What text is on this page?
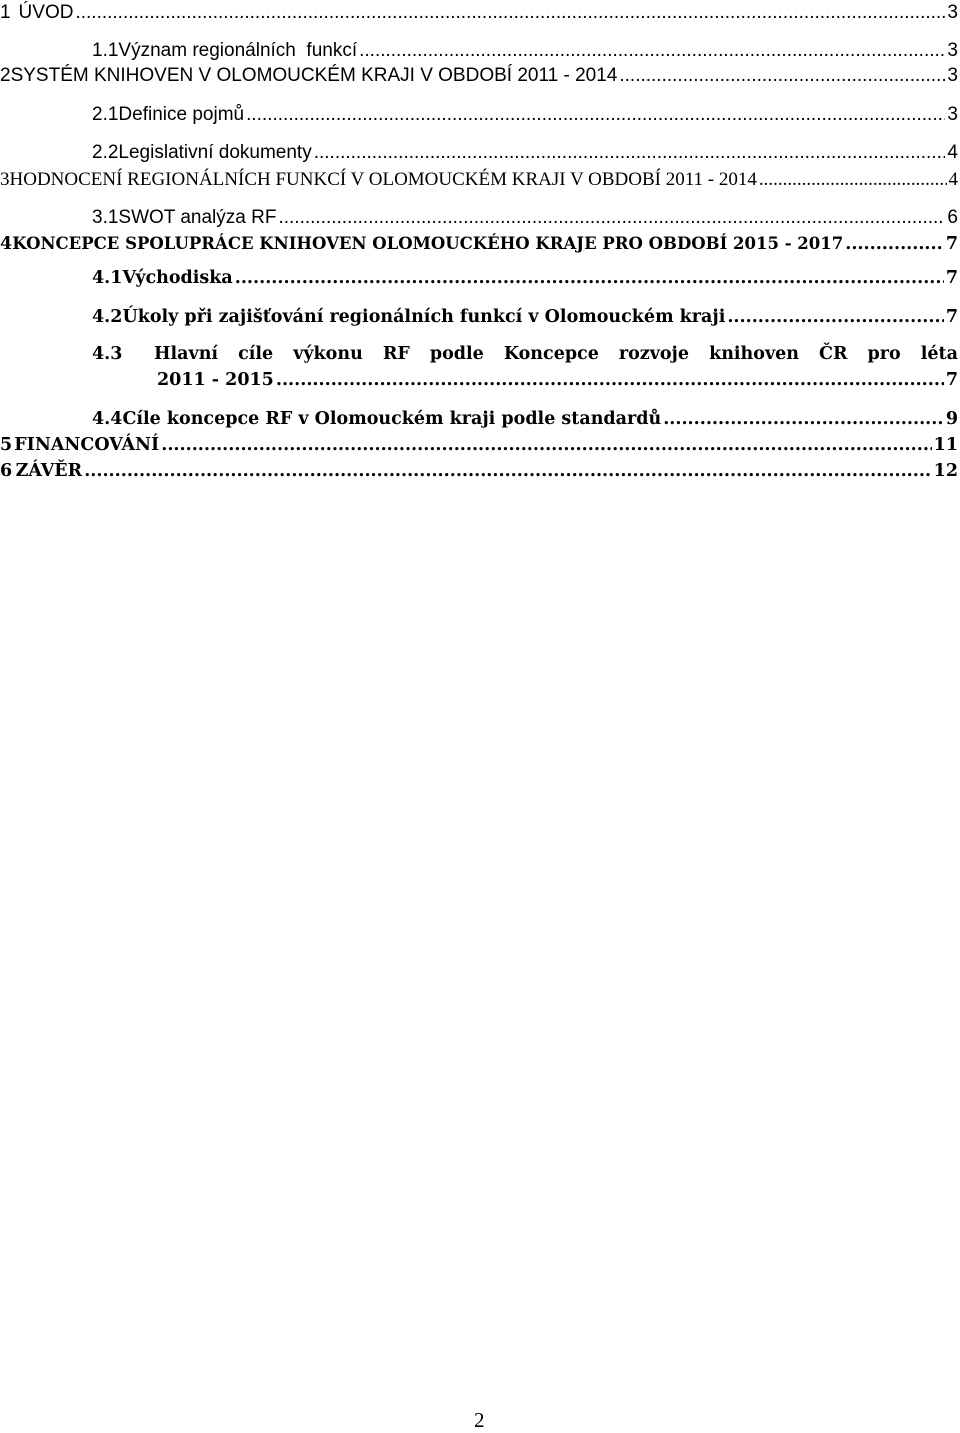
1 ÚVOD .....	3
1.1 Význam regionálních  funkcí .....	3
2 SYSTÉM KNIHOVEN V OLOMOUCKÉM KRAJI V OBDOBÍ 2011 - 2014 .....	3
2.1 Definice pojmů .....	3
2.2 Legislativní dokumenty .....	4
3 HODNOCENÍ REGIONÁLNÍCH FUNKCÍ V OLOMOUCKÉM KRAJI V OBDOBÍ 2011 - 2014 .....	4
3.1 SWOT analýza RF .....	6
4 KONCEPCE SPOLUPRÁCE KNIHOVEN OLOMOUCKÉHO KRAJE PRO OBDOBÍ 2015 - 2017 .....	7
4.1 Východiska .....	7
4.2 Úkoly při zajišťování regionálních funkcí v Olomouckém kraji .....	7
4.3 Hlavní cíle výkonu RF podle Koncepce rozvoje knihoven ČR pro léta
2011 - 2015 .....	7
4.4 Cíle koncepce RF v Olomouckém kraji podle standardů .....	9
5 FINANCOVÁNÍ .....	11
6 ZÁVĚR .....	12
2
